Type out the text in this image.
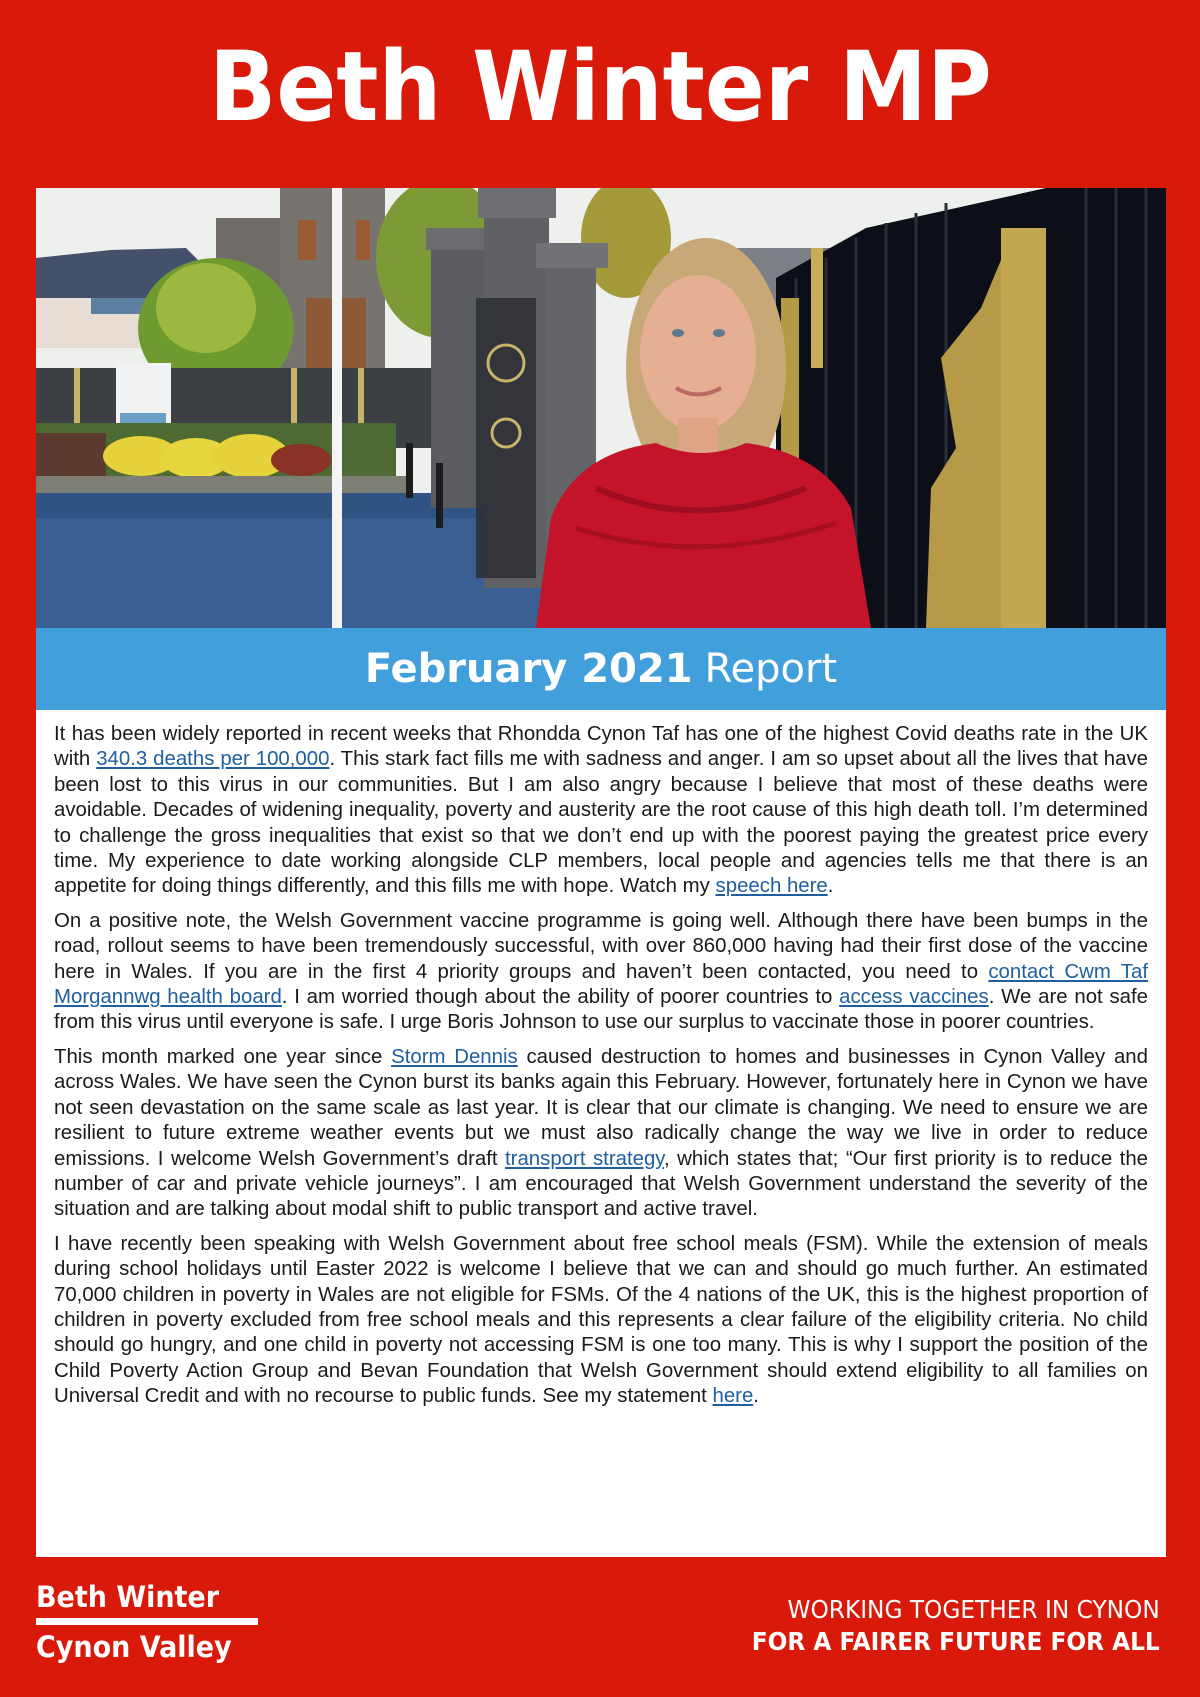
Beth Winter MP
February 2021 Report

It has been widely reported in recent weeks that Rhondda Cynon Taf has one of the highest Covid deaths rate in the UK with 340.3 deaths per 100,000. This stark fact fills me with sadness and anger. I am so upset about all the lives that have been lost to this virus in our communities. But I am also angry because I believe that most of these deaths were avoidable. Decades of widening inequality, poverty and austerity are the root cause of this high death toll. I’m determined to challenge the gross inequalities that exist so that we don’t end up with the poorest paying the greatest price every time. My experience to date working alongside CLP members, local people and agencies tells me that there is an appetite for doing things differently, and this fills me with hope. Watch my speech here.

On a positive note, the Welsh Government vaccine programme is going well. Although there have been bumps in the road, rollout seems to have been tremendously successful, with over 860,000 having had their first dose of the vaccine here in Wales. If you are in the first 4 priority groups and haven’t been contacted, you need to contact Cwm Taf Morgannwg health board. I am worried though about the ability of poorer countries to access vaccines. We are not safe from this virus until everyone is safe. I urge Boris Johnson to use our surplus to vaccinate those in poorer countries.

This month marked one year since Storm Dennis caused destruction to homes and businesses in Cynon Valley and across Wales. We have seen the Cynon burst its banks again this February. However, fortunately here in Cynon we have not seen devastation on the same scale as last year. It is clear that our climate is changing. We need to ensure we are resilient to future extreme weather events but we must also radically change the way we live in order to reduce emissions. I welcome Welsh Government’s draft transport strategy, which states that; “Our first priority is to reduce the number of car and private vehicle journeys”. I am encouraged that Welsh Government understand the severity of the situation and are talking about modal shift to public transport and active travel.

I have recently been speaking with Welsh Government about free school meals (FSM). While the extension of meals during school holidays until Easter 2022 is welcome I believe that we can and should go much further. An estimated 70,000 children in poverty in Wales are not eligible for FSMs. Of the 4 nations of the UK, this is the highest proportion of children in poverty excluded from free school meals and this represents a clear failure of the eligibility criteria. No child should go hungry, and one child in poverty not accessing FSM is one too many. This is why I support the position of the Child Poverty Action Group and Bevan Foundation that Welsh Government should extend eligibility to all families on Universal Credit and with no recourse to public funds. See my statement here.

Beth Winter
Cynon Valley
WORKING TOGETHER IN CYNON
FOR A FAIRER FUTURE FOR ALL
